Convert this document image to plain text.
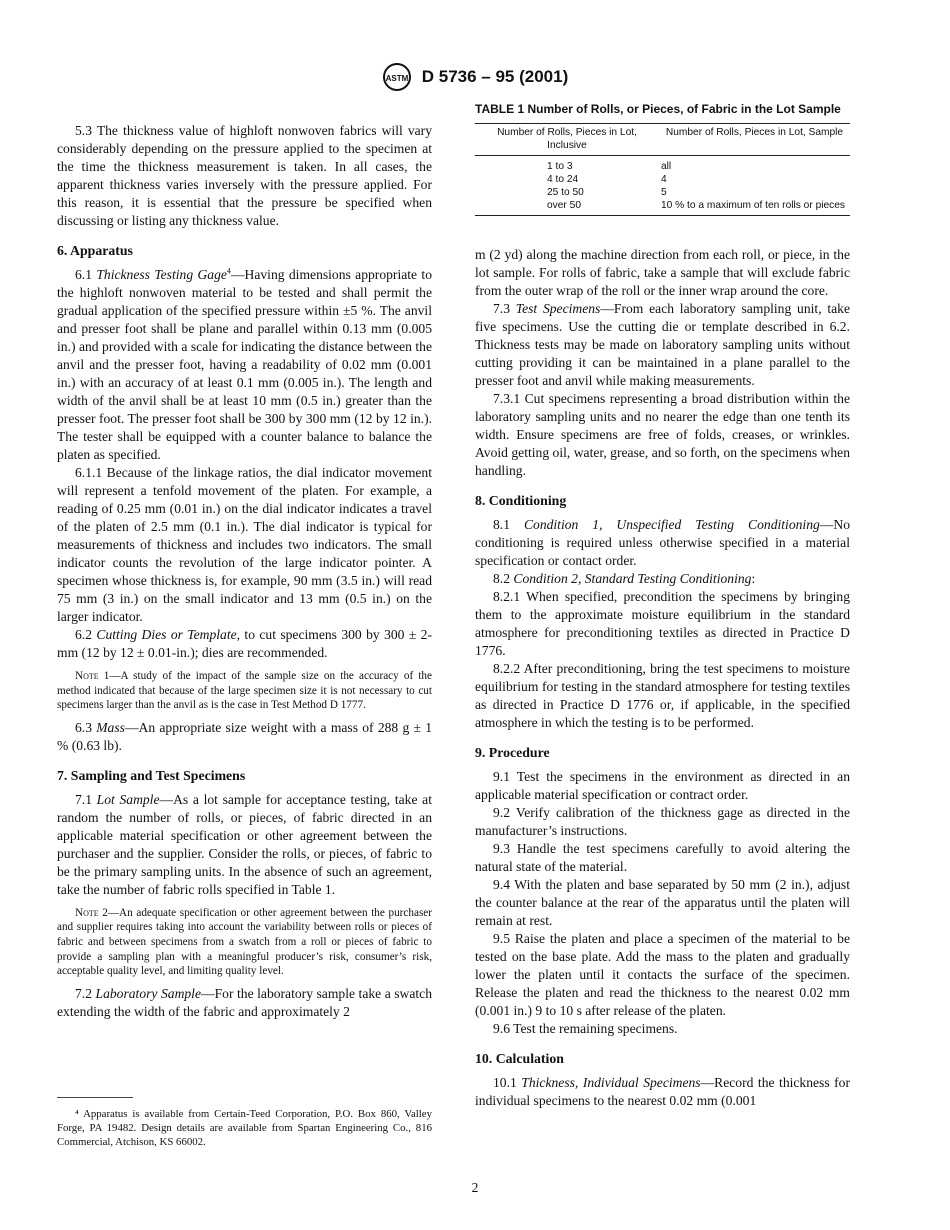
ASTM D 5736 – 95 (2001)

5.3 The thickness value of highloft nonwoven fabrics will vary considerably depending on the pressure applied to the specimen at the time the thickness measurement is taken. In all cases, the apparent thickness varies inversely with the pressure applied. For this reason, it is essential that the pressure be specified when discussing or listing any thickness value.

6. Apparatus

6.1 Thickness Testing Gage$^4$—Having dimensions appropriate to the highloft nonwoven material to be tested and shall permit the gradual application of the specified pressure within ±5 %. The anvil and presser foot shall be plane and parallel within 0.13 mm (0.005 in.) and provided with a scale for indicating the distance between the anvil and the presser foot, having a readability of 0.02 mm (0.001 in.) with an accuracy of at least 0.1 mm (0.005 in.). The length and width of the anvil shall be at least 10 mm (0.5 in.) greater than the presser foot. The presser foot shall be 300 by 300 mm (12 by 12 in.). The tester shall be equipped with a counter balance to balance the platen as specified.

6.1.1 Because of the linkage ratios, the dial indicator movement will represent a tenfold movement of the platen. For example, a reading of 0.25 mm (0.01 in.) on the dial indicator indicates a travel of the platen of 2.5 mm (0.1 in.). The dial indicator is typical for measurements of thickness and includes two indicators. The small indicator counts the revolution of the large indicator pointer. A specimen whose thickness is, for example, 90 mm (3.5 in.) will read 75 mm (3 in.) on the small indicator and 13 mm (0.5 in.) on the larger indicator.

6.2 Cutting Dies or Template, to cut specimens 300 by 300 ± 2-mm (12 by 12 ± 0.01-in.); dies are recommended.

Note 1—A study of the impact of the sample size on the accuracy of the method indicated that because of the large specimen size it is not necessary to cut specimens larger than the anvil as is the case in Test Method D 1777.

6.3 Mass—An appropriate size weight with a mass of 288 g ± 1 % (0.63 lb).

7. Sampling and Test Specimens

7.1 Lot Sample—As a lot sample for acceptance testing, take at random the number of rolls, or pieces, of fabric directed in an applicable material specification or other agreement between the purchaser and the supplier. Consider the rolls, or pieces, of fabric to be the primary sampling units. In the absence of such an agreement, take the number of fabric rolls specified in Table 1.

Note 2—An adequate specification or other agreement between the purchaser and supplier requires taking into account the variability between rolls or pieces of fabric and between specimens from a swatch from a roll or pieces of fabric to provide a sampling plan with a meaningful producer’s risk, consumer’s risk, acceptable quality level, and limiting quality level.

7.2 Laboratory Sample—For the laboratory sample take a swatch extending the width of the fabric and approximately 2

⁴ Apparatus is available from Certain-Teed Corporation, P.O. Box 860, Valley Forge, PA 19482. Design details are available from Spartan Engineering Co., 816 Commercial, Atchison, KS 66002.

TABLE 1 Number of Rolls, or Pieces, of Fabric in the Lot Sample
Number of Rolls, Pieces in Lot, Inclusive	Number of Rolls, Pieces in Lot, Sample
1 to 3	all
4 to 24	4
25 to 50	5
over 50	10 % to a maximum of ten rolls or pieces

m (2 yd) along the machine direction from each roll, or piece, in the lot sample. For rolls of fabric, take a sample that will exclude fabric from the outer wrap of the roll or the inner wrap around the core.

7.3 Test Specimens—From each laboratory sampling unit, take five specimens. Use the cutting die or template described in 6.2. Thickness tests may be made on laboratory sampling units without cutting providing it can be maintained in a plane parallel to the presser foot and anvil while making measurements.

7.3.1 Cut specimens representing a broad distribution within the laboratory sampling units and no nearer the edge than one tenth its width. Ensure specimens are free of folds, creases, or wrinkles. Avoid getting oil, water, grease, and so forth, on the specimens when handling.

8. Conditioning

8.1 Condition 1, Unspecified Testing Conditioning—No conditioning is required unless otherwise specified in a material specification or contact order.

8.2 Condition 2, Standard Testing Conditioning:

8.2.1 When specified, precondition the specimens by bringing them to the approximate moisture equilibrium in the standard atmosphere for preconditioning textiles as directed in Practice D 1776.

8.2.2 After preconditioning, bring the test specimens to moisture equilibrium for testing in the standard atmosphere for testing textiles as directed in Practice D 1776 or, if applicable, in the specified atmosphere in which the testing is to be performed.

9. Procedure

9.1 Test the specimens in the environment as directed in an applicable material specification or contract order.

9.2 Verify calibration of the thickness gage as directed in the manufacturer’s instructions.

9.3 Handle the test specimens carefully to avoid altering the natural state of the material.

9.4 With the platen and base separated by 50 mm (2 in.), adjust the counter balance at the rear of the apparatus until the platen will remain at rest.

9.5 Raise the platen and place a specimen of the material to be tested on the base plate. Add the mass to the platen and gradually lower the platen until it contacts the surface of the specimen. Release the platen and read the thickness to the nearest 0.02 mm (0.001 in.) 9 to 10 s after release of the platen.

9.6 Test the remaining specimens.

10. Calculation

10.1 Thickness, Individual Specimens—Record the thickness for individual specimens to the nearest 0.02 mm (0.001

2
